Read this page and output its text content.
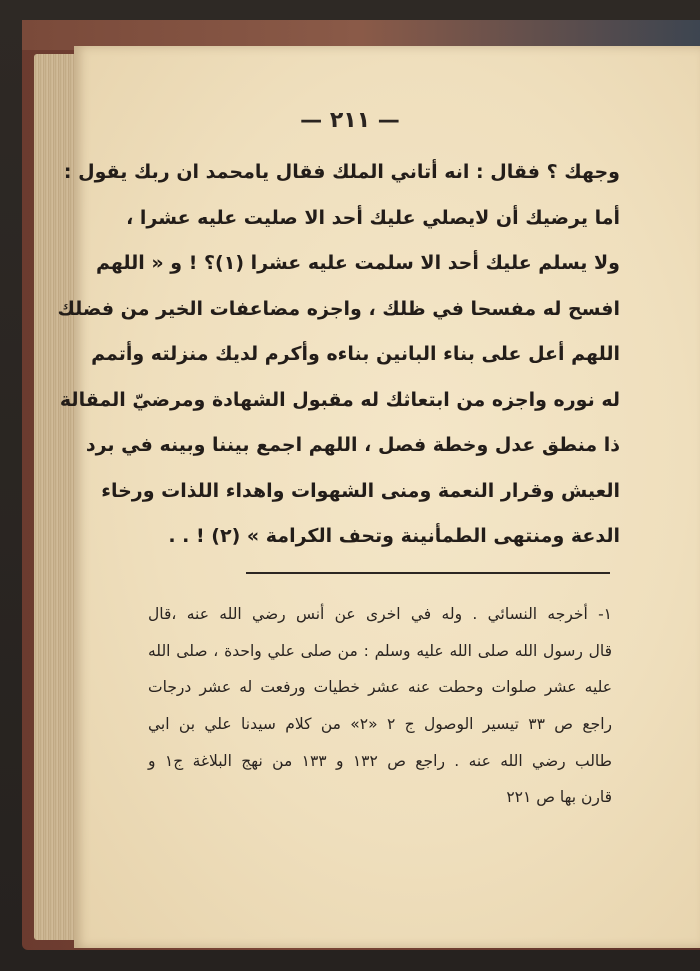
— ٢١١ —
وجهك ؟ فقال : انه أتاني الملك فقال يامحمد ان ربك يقول :
أما يرضيك أن لايصلي عليك أحد الا صليت عليه عشرا ،
ولا يسلم عليك أحد الا سلمت عليه عشرا (١)؟ ! و « اللهم
افسح له مفسحا في ظلك ، واجزه مضاعفات الخير من فضلك
اللهم أعل على بناء البانين بناءه وأكرم لديك منزلته وأتمم
له نوره واجزه من ابتعاثك له مقبول الشهادة ومرضيّ المقالة
ذا منطق عدل وخطة فصل ، اللهم اجمع بيننا وبينه في برد
العيش وقرار النعمة ومنى الشهوات واهداء اللذات ورخاء
الدعة ومنتهى الطمأنينة وتحف الكرامة » (٢) ! . .
١- أخرجه النسائي . وله في اخرى عن أنس رضي الله عنه ،قال
قال رسول الله صلى الله عليه وسلم : من صلى علي واحدة ، صلى الله
عليه عشر صلوات وحطت عنه عشر خطيات ورفعت له عشر درجات
راجع ص ٣٣ تيسير الوصول ج ٢ «٢» من كلام سيدنا علي بن ابي
طالب رضي الله عنه . راجع ص ١٣٢ و ١٣٣ من نهج البلاغة ج١ و
قارن بها ص ٢٢١
